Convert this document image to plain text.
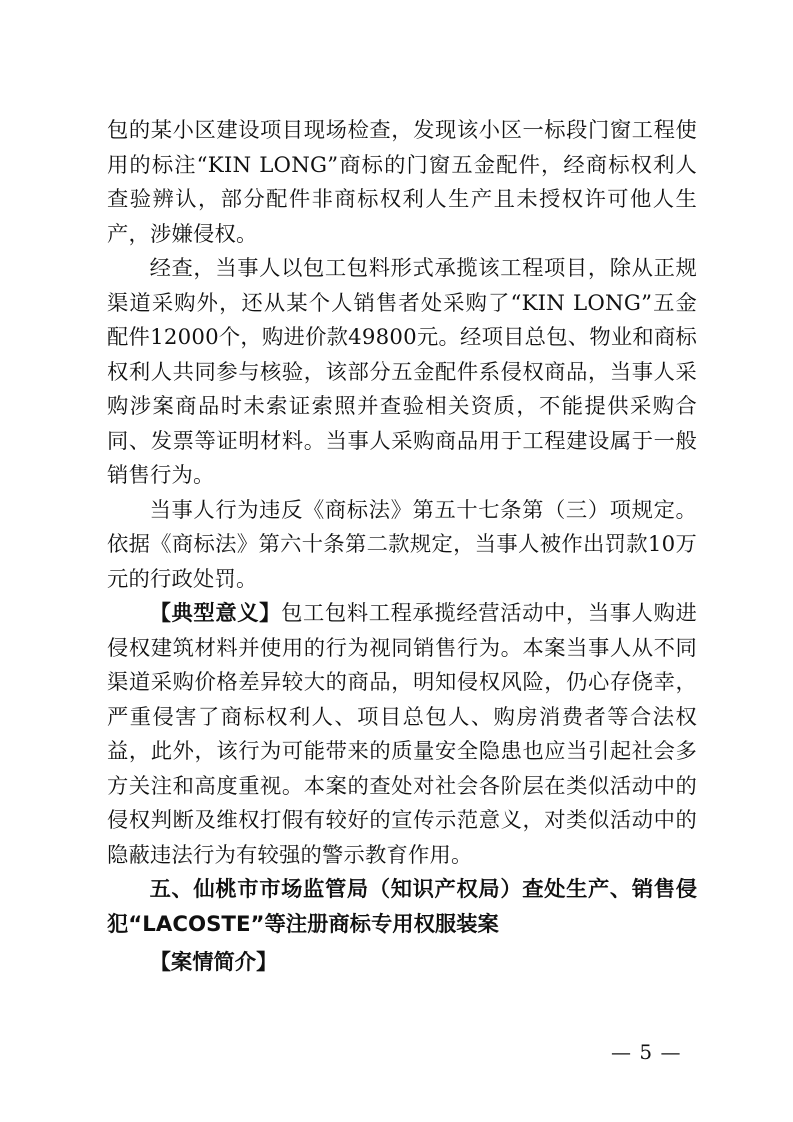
包的某小区建设项目现场检查，发现该小区一标段门窗工程使用的标注“KIN LONG”商标的门窗五金配件，经商标权利人查验辨认，部分配件非商标权利人生产且未授权许可他人生产，涉嫌侵权。

经查，当事人以包工包料形式承揽该工程项目，除从正规渠道采购外，还从某个人销售者处采购了“KIN LONG”五金配件12000个，购进价款49800元。经项目总包、物业和商标权利人共同参与核验，该部分五金配件系侵权商品，当事人采购涉案商品时未索证索照并查验相关资质，不能提供采购合同、发票等证明材料。当事人采购商品用于工程建设属于一般销售行为。

当事人行为违反《商标法》第五十七条第（三）项规定。依据《商标法》第六十条第二款规定，当事人被作出罚款10万元的行政处罚。

【典型意义】包工包料工程承揽经营活动中，当事人购进侵权建筑材料并使用的行为视同销售行为。本案当事人从不同渠道采购价格差异较大的商品，明知侵权风险，仍心存侥幸，严重侵害了商标权利人、项目总包人、购房消费者等合法权益，此外，该行为可能带来的质量安全隐患也应当引起社会多方关注和高度重视。本案的查处对社会各阶层在类似活动中的侵权判断及维权打假有较好的宣传示范意义，对类似活动中的隐蔽违法行为有较强的警示教育作用。

五、仙桃市市场监管局（知识产权局）查处生产、销售侵犯“LACOSTE”等注册商标专用权服装案

【案情简介】

— 5 —
